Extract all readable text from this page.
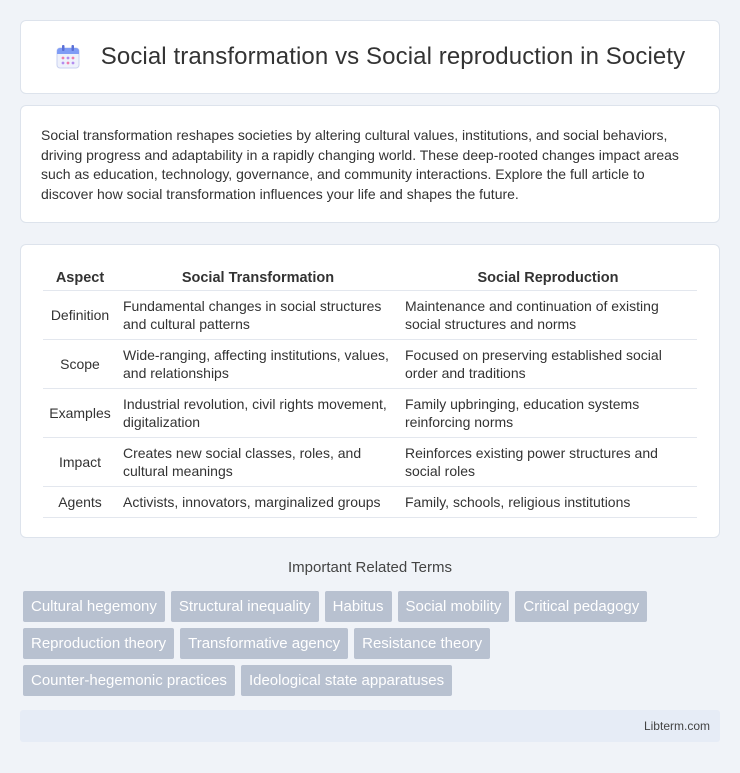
Social transformation vs Social reproduction in Society

Social transformation reshapes societies by altering cultural values, institutions, and social behaviors, driving progress and adaptability in a rapidly changing world. These deep-rooted changes impact areas such as education, technology, governance, and community interactions. Explore the full article to discover how social transformation influences your life and shapes the future.

Aspect	Social Transformation	Social Reproduction
Definition	Fundamental changes in social structures and cultural patterns	Maintenance and continuation of existing social structures and norms
Scope	Wide-ranging, affecting institutions, values, and relationships	Focused on preserving established social order and traditions
Examples	Industrial revolution, civil rights movement, digitalization	Family upbringing, education systems reinforcing norms
Impact	Creates new social classes, roles, and cultural meanings	Reinforces existing power structures and social roles
Agents	Activists, innovators, marginalized groups	Family, schools, religious institutions
Important Related Terms
Cultural hegemony	Structural inequality	Habitus	Social mobility	Critical pedagogy
Reproduction theory	Transformative agency	Resistance theory
Counter-hegemonic practices	Ideological state apparatuses
Libterm.com
